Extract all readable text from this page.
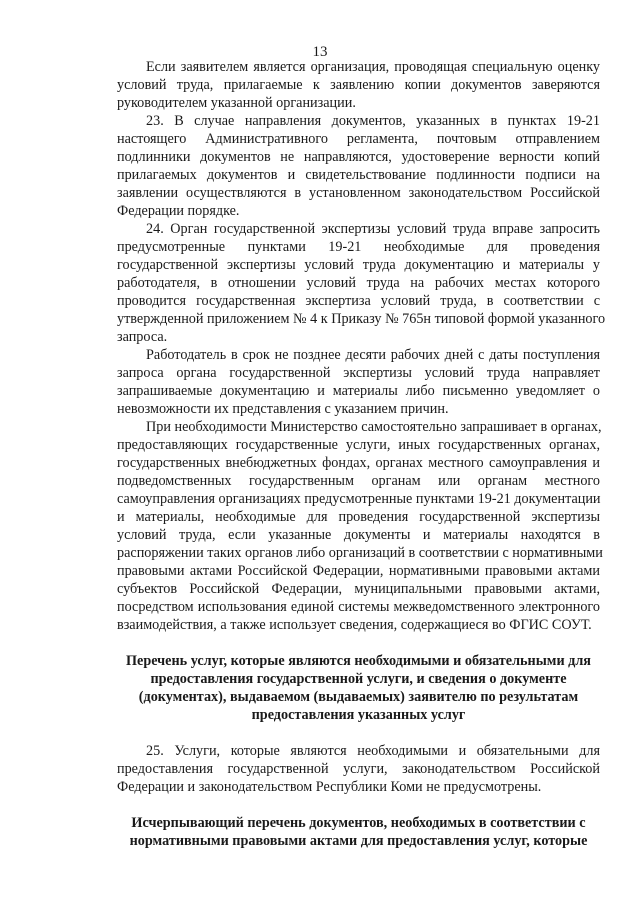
13
Если заявителем является организация, проводящая специальную оценку
условий труда, прилагаемые к заявлению копии документов заверяются
руководителем указанной организации.
23. В случае направления документов, указанных в пунктах 19-21
настоящего Административного регламента, почтовым отправлением
подлинники документов не направляются, удостоверение верности копий
прилагаемых документов и свидетельствование подлинности подписи на
заявлении осуществляются в установленном законодательством Российской
Федерации порядке.
24. Орган государственной экспертизы условий труда вправе запросить
предусмотренные пунктами 19-21 необходимые для проведения
государственной экспертизы условий труда документацию и материалы у
работодателя, в отношении условий труда на рабочих местах которого
проводится государственная экспертиза условий труда, в соответствии с
утвержденной приложением № 4 к Приказу № 765н типовой формой указанного
запроса.
Работодатель в срок не позднее десяти рабочих дней с даты поступления
запроса органа государственной экспертизы условий труда направляет
запрашиваемые документацию и материалы либо письменно уведомляет о
невозможности их представления с указанием причин.
При необходимости Министерство самостоятельно запрашивает в органах,
предоставляющих государственные услуги, иных государственных органах,
государственных внебюджетных фондах, органах местного самоуправления и
подведомственных государственным органам или органам местного
самоуправления организациях предусмотренные пунктами 19-21 документации
и материалы, необходимые для проведения государственной экспертизы
условий труда, если указанные документы и материалы находятся в
распоряжении таких органов либо организаций в соответствии с нормативными
правовыми актами Российской Федерации, нормативными правовыми актами
субъектов Российской Федерации, муниципальными правовыми актами,
посредством использования единой системы межведомственного электронного
взаимодействия, а также использует сведения, содержащиеся во ФГИС СОУТ.
Перечень услуг, которые являются необходимыми и обязательными для
предоставления государственной услуги, и сведения о документе
(документах), выдаваемом (выдаваемых) заявителю по результатам
предоставления указанных услуг
25. Услуги, которые являются необходимыми и обязательными для
предоставления государственной услуги, законодательством Российской
Федерации и законодательством Республики Коми не предусмотрены.
Исчерпывающий перечень документов, необходимых в соответствии с
нормативными правовыми актами для предоставления услуг, которые
